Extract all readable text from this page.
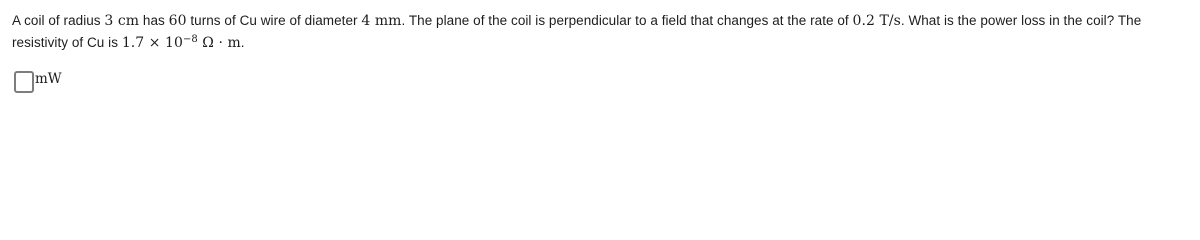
A coil of radius 3 cm has 60 turns of Cu wire of diameter 4 mm. The plane of the coil is perpendicular to a field that changes at the rate of 0.2 T/s. What is the power loss in the coil? The resistivity of Cu is $1.7 \times 10^{-8}$ Ω · m.
mW
